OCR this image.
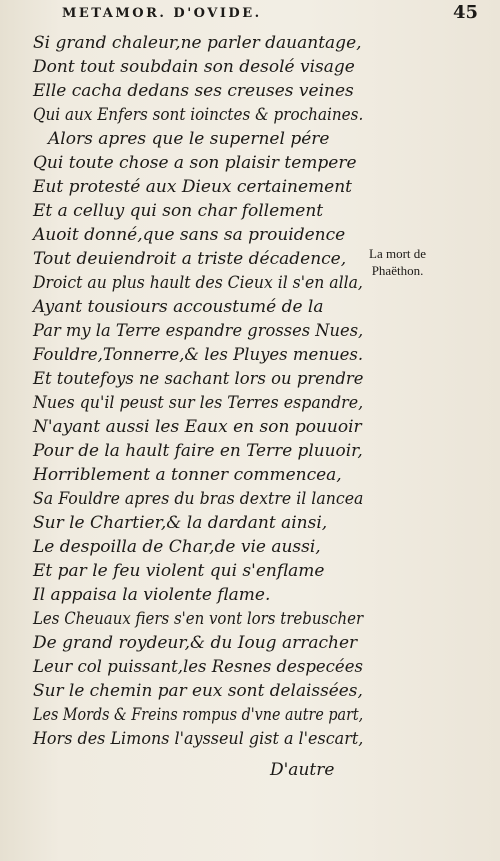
METAMOR. D'OVIDE.	45
Si grand chaleur,ne parler dauantage,
Dont tout soubdain son desolé visage
Elle cacha dedans ses creuses veines
Qui aux Enfers sont ioinctes & prochaines.
Alors apres que le supernel pére
Qui toute chose a son plaisir tempere
Eut protesté aux Dieux certainement
Et a celluy qui son char follement
Auoit donné,que sans sa prouidence
Tout deuiendroit a triste décadence,
Droict au plus hault des Cieux il s'en alla,
Ayant tousiours accoustumé de la
Par my la Terre espandre grosses Nues,
Fouldre,Tonnerre,& les Pluyes menues.
Et toutefoys ne sachant lors ou prendre
Nues qu'il peust sur les Terres espandre,
N'ayant aussi les Eaux en son pouuoir
Pour de la hault faire en Terre pluuoir,
Horriblement a tonner commencea,
Sa Fouldre apres du bras dextre il lancea
Sur le Chartier,& la dardant ainsi,
Le despoilla de Char,de vie aussi,
Et par le feu violent qui s'enflame
Il appaisa la violente flame.
Les Cheuaux fiers s'en vont lors trebuscher
De grand roydeur,& du Ioug arracher
Leur col puissant,les Resnes despecées
Sur le chemin par eux sont delaissées,
Les Mords & Freins rompus d'vne autre part,
Hors des Limons l'aysseul gist a l'escart,
La mort de
Phaëthon.
D'autre
